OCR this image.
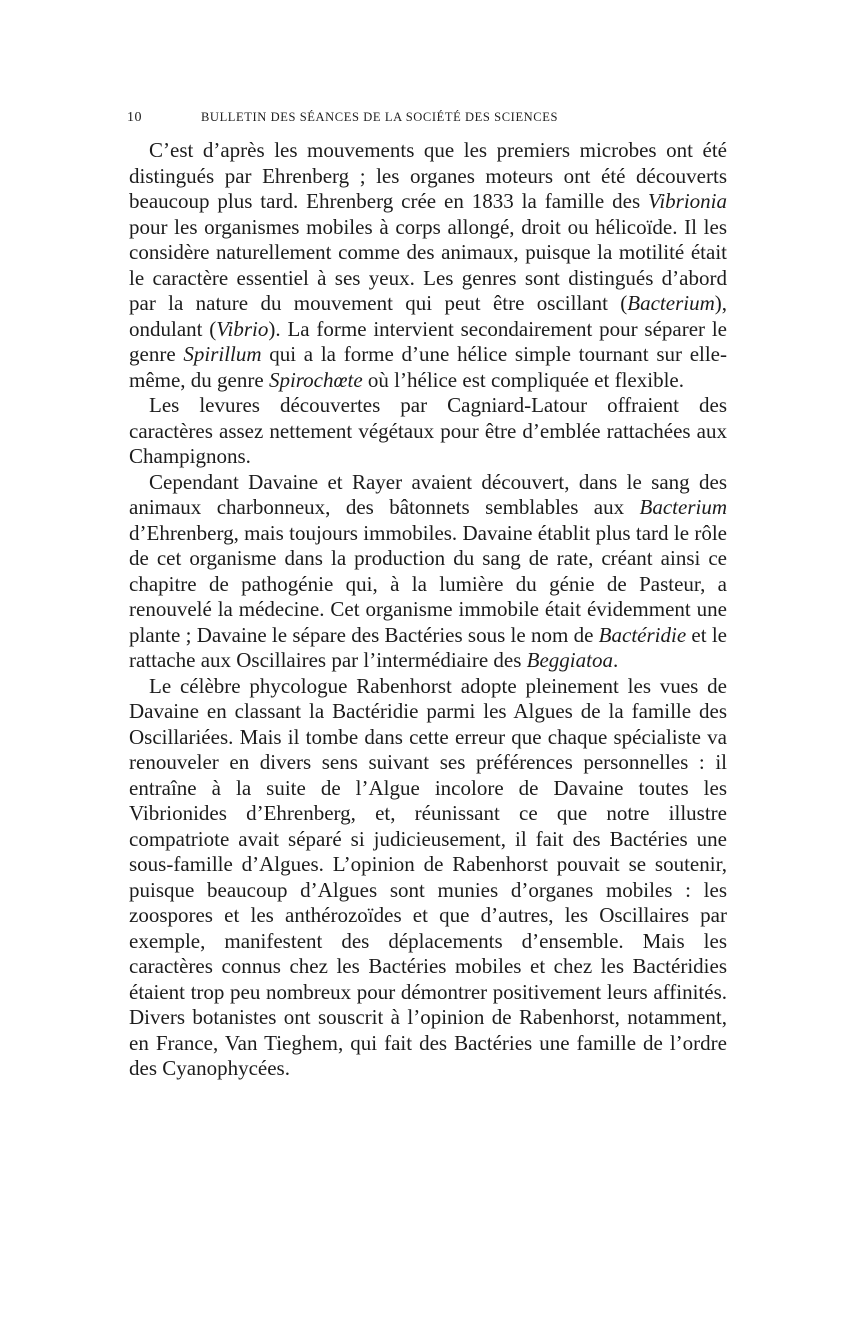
10	BULLETIN DES SÉANCES DE LA SOCIÉTÉ DES SCIENCES

C’est d’après les mouvements que les premiers microbes ont été distingués par Ehrenberg ; les organes moteurs ont été découverts beaucoup plus tard. Ehrenberg crée en 1833 la famille des Vibrionia pour les organismes mobiles à corps allongé, droit ou hélicoïde. Il les considère naturellement comme des animaux, puisque la motilité était le caractère essentiel à ses yeux. Les genres sont distingués d’abord par la nature du mouvement qui peut être oscillant (Bacterium), ondulant (Vibrio). La forme intervient secondairement pour séparer le genre Spirillum qui a la forme d’une hélice simple tournant sur elle-même, du genre Spirochœte où l’hélice est compliquée et flexible.

Les levures découvertes par Cagniard-Latour offraient des caractères assez nettement végétaux pour être d’emblée rattachées aux Champignons.

Cependant Davaine et Rayer avaient découvert, dans le sang des animaux charbonneux, des bâtonnets semblables aux Bacterium d’Ehrenberg, mais toujours immobiles. Davaine établit plus tard le rôle de cet organisme dans la production du sang de rate, créant ainsi ce chapitre de pathogénie qui, à la lumière du génie de Pasteur, a renouvelé la médecine. Cet organisme immobile était évidemment une plante ; Davaine le sépare des Bactéries sous le nom de Bactéridie et le rattache aux Oscillaires par l’intermédiaire des Beggiatoa.

Le célèbre phycologue Rabenhorst adopte pleinement les vues de Davaine en classant la Bactéridie parmi les Algues de la famille des Oscillariées. Mais il tombe dans cette erreur que chaque spécialiste va renouveler en divers sens suivant ses préférences personnelles : il entraîne à la suite de l’Algue incolore de Davaine toutes les Vibrionides d’Ehrenberg, et, réunissant ce que notre illustre compatriote avait séparé si judicieusement, il fait des Bactéries une sous-famille d’Algues. L’opinion de Rabenhorst pouvait se soutenir, puisque beaucoup d’Algues sont munies d’organes mobiles : les zoospores et les anthérozoïdes et que d’autres, les Oscillaires par exemple, manifestent des déplacements d’ensemble. Mais les caractères connus chez les Bactéries mobiles et chez les Bactéridies étaient trop peu nombreux pour démontrer positivement leurs affinités. Divers botanistes ont souscrit à l’opinion de Rabenhorst, notamment, en France, Van Tieghem, qui fait des Bactéries une famille de l’ordre des Cyanophycées.
